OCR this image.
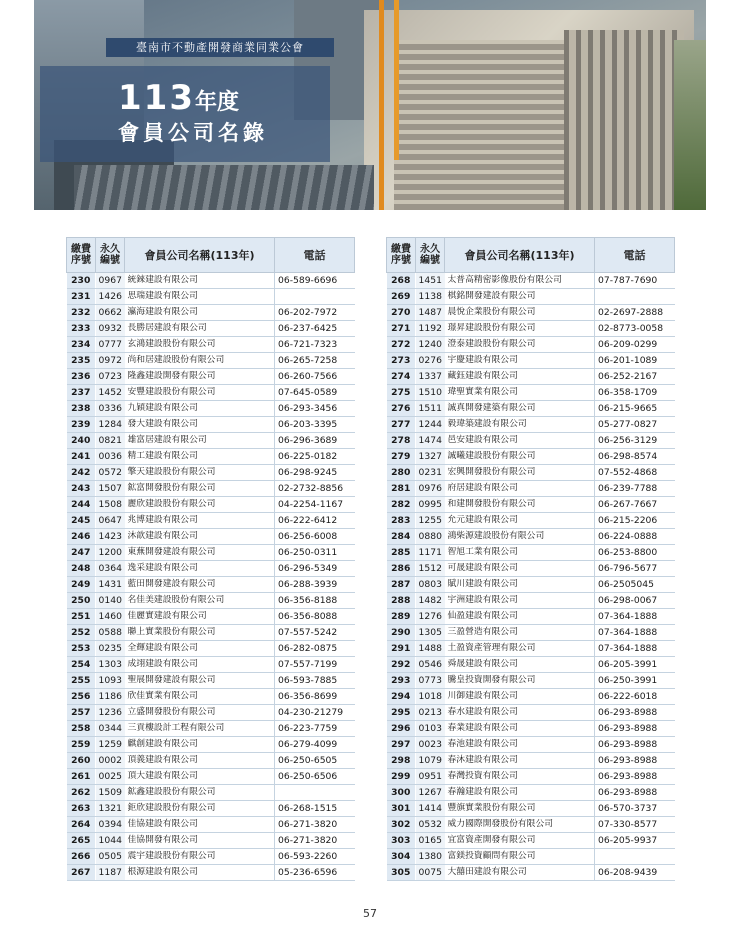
臺南市不動產開發商業同業公會
113年度
會員公司名錄
繳費序號	永久編號	會員公司名稱(113年)	電話
230	0967	統錸建設有限公司	06-589-6696
231	1426	思瑞建設有限公司	
232	0662	瀛海建設有限公司	06-202-7972
233	0932	長勝居建設有限公司	06-237-6425
234	0777	玄鴻建設股份有限公司	06-721-7323
235	0972	尚和居建設股份有限公司	06-265-7258
236	0723	隆鑫建設開發有限公司	06-260-7566
237	1452	安豐建設股份有限公司	07-645-0589
238	0336	九穎建設有限公司	06-293-3456
239	1284	發大建設有限公司	06-203-3395
240	0821	雄富居建設有限公司	06-296-3689
241	0036	精工建設有限公司	06-225-0182
242	0572	擎天建設股份有限公司	06-298-9245
243	1507	鉱富開發股份有限公司	02-2732-8856
244	1508	麗欣建設股份有限公司	04-2254-1167
245	0647	兆博建設有限公司	06-222-6412
246	1423	沐歆建設有限公司	06-256-6008
247	1200	東蕪開發建設有限公司	06-250-0311
248	0364	逸采建設有限公司	06-296-5349
249	1431	藍田開發建設有限公司	06-288-3939
250	0140	名佳美建設股份有限公司	06-356-8188
251	1460	佳麗實建設有限公司	06-356-8088
252	0588	聯上實業股份有限公司	07-557-5242
253	0235	全輝建設有限公司	06-282-0875
254	1303	成翊建設有限公司	07-557-7199
255	1093	聖展開發建設有限公司	06-593-7885
256	1186	欣佳實業有限公司	06-356-8699
257	1236	立盛開發股份有限公司	04-230-21279
258	0344	三貢樓設計工程有限公司	06-223-7759
259	1259	麒創建設有限公司	06-279-4099
260	0002	頂義建設有限公司	06-250-6505
261	0025	頂大建設有限公司	06-250-6506
262	1509	鉱鑫建設股份有限公司	
263	1321	鉅欣建設股份有限公司	06-268-1515
264	0394	佳協建設有限公司	06-271-3820
265	1044	佳協開發有限公司	06-271-3820
266	0505	震宇建設股份有限公司	06-593-2260
267	1187	根源建設有限公司	05-236-6596
繳費序號	永久編號	會員公司名稱(113年)	電話
268	1451	太普高精密影像股份有限公司	07-787-7690
269	1138	棋銘開發建設有限公司	
270	1487	晨悅企業股份有限公司	02-2697-2888
271	1192	璟昇建設股份有限公司	02-8773-0058
272	1240	澄泰建設股份有限公司	06-209-0299
273	0276	宇慶建設有限公司	06-201-1089
274	1337	藏鈺建設有限公司	06-252-2167
275	1510	瑋聖實業有限公司	06-358-1709
276	1511	誠真開發建築有限公司	06-215-9665
277	1244	毅瑋築建設有限公司	05-277-0827
278	1474	邑安建設有限公司	06-256-3129
279	1327	誠曦建設股份有限公司	06-298-8574
280	0231	宏興開發股份有限公司	07-552-4868
281	0976	府居建設有限公司	06-239-7788
282	0995	和建開發股份有限公司	06-267-7667
283	1255	允元建設有限公司	06-215-2206
284	0880	鴻柴源建設股份有限公司	06-224-0888
285	1171	智旭工業有限公司	06-253-8800
286	1512	可晟建設有限公司	06-796-5677
287	0803	賦川建設有限公司	06-2505045
288	1482	宇洲建設有限公司	06-298-0067
289	1276	仙盈建設有限公司	07-364-1888
290	1305	三盈營造有限公司	07-364-1888
291	1488	土盈資產管理有限公司	07-364-1888
292	0546	舜晟建設有限公司	06-205-3991
293	0773	騰皇投資開發有限公司	06-250-3991
294	1018	川御建設有限公司	06-222-6018
295	0213	春水建設有限公司	06-293-8988
296	0103	春業建設有限公司	06-293-8988
297	0023	春池建設有限公司	06-293-8988
298	1079	春沐建設有限公司	06-293-8988
299	0951	春灣投資有限公司	06-293-8988
300	1267	春瀚建設有限公司	06-293-8988
301	1414	豐旗實業股份有限公司	06-570-3737
302	0532	威力國際開發股份有限公司	07-330-8577
303	0165	宜富資產開發有限公司	06-205-9937
304	1380	富鎂投資顧問有限公司	
305	0075	大囍田建設有限公司	06-208-9439
57
